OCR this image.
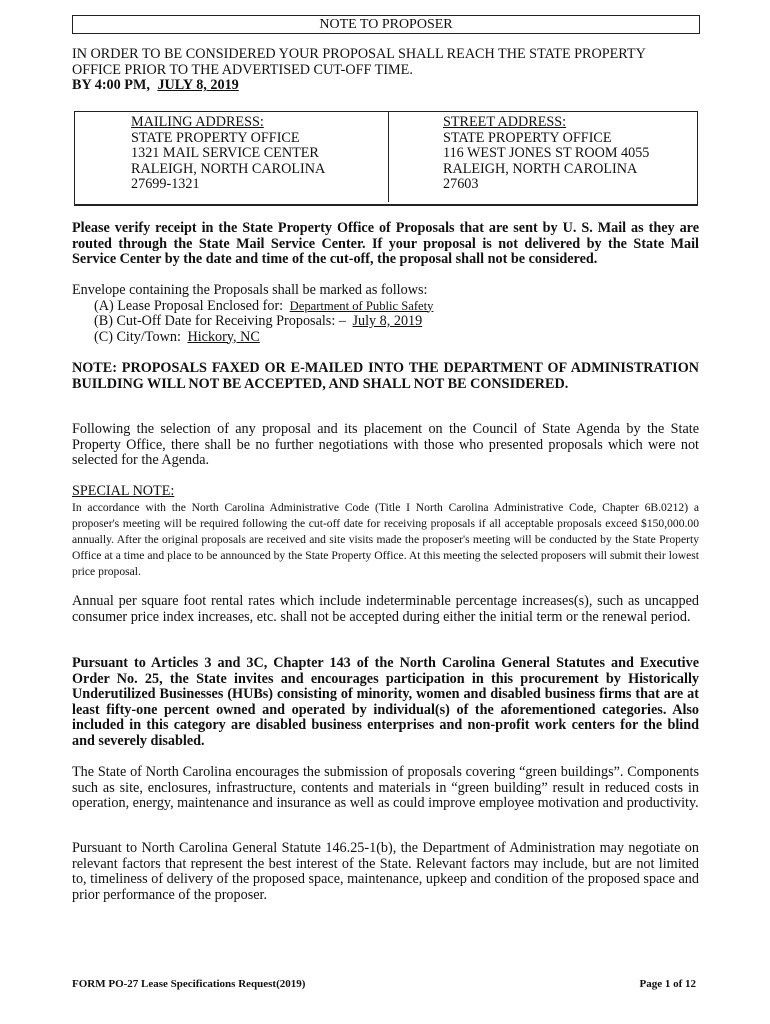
NOTE TO PROPOSER
IN ORDER TO BE CONSIDERED YOUR PROPOSAL SHALL REACH THE STATE PROPERTY
OFFICE PRIOR TO THE ADVERTISED CUT-OFF TIME.
BY 4:00 PM, JULY 8, 2019
MAILING ADDRESS:
STATE PROPERTY OFFICE
1321 MAIL SERVICE CENTER
RALEIGH, NORTH CAROLINA
27699-1321
STREET ADDRESS:
STATE PROPERTY OFFICE
116 WEST JONES ST ROOM 4055
RALEIGH, NORTH CAROLINA
27603
Please verify receipt in the State Property Office of Proposals that are sent by U. S. Mail as they are routed through the State Mail Service Center. If your proposal is not delivered by the State Mail Service Center by the date and time of the cut-off, the proposal shall not be considered.
Envelope containing the Proposals shall be marked as follows:
(A) Lease Proposal Enclosed for: Department of Public Safety
(B) Cut-Off Date for Receiving Proposals: – July 8, 2019
(C) City/Town: Hickory, NC
NOTE: PROPOSALS FAXED OR E-MAILED INTO THE DEPARTMENT OF ADMINISTRATION BUILDING WILL NOT BE ACCEPTED, AND SHALL NOT BE CONSIDERED.
Following the selection of any proposal and its placement on the Council of State Agenda by the State Property Office, there shall be no further negotiations with those who presented proposals which were not selected for the Agenda.
SPECIAL NOTE:
In accordance with the North Carolina Administrative Code (Title I North Carolina Administrative Code, Chapter 6B.0212) a proposer's meeting will be required following the cut-off date for receiving proposals if all acceptable proposals exceed $150,000.00 annually. After the original proposals are received and site visits made the proposer's meeting will be conducted by the State Property Office at a time and place to be announced by the State Property Office. At this meeting the selected proposers will submit their lowest price proposal.
Annual per square foot rental rates which include indeterminable percentage increases(s), such as uncapped consumer price index increases, etc. shall not be accepted during either the initial term or the renewal period.
Pursuant to Articles 3 and 3C, Chapter 143 of the North Carolina General Statutes and Executive Order No. 25, the State invites and encourages participation in this procurement by Historically Underutilized Businesses (HUBs) consisting of minority, women and disabled business firms that are at least fifty-one percent owned and operated by individual(s) of the aforementioned categories. Also included in this category are disabled business enterprises and non-profit work centers for the blind and severely disabled.
The State of North Carolina encourages the submission of proposals covering “green buildings”. Components such as site, enclosures, infrastructure, contents and materials in “green building” result in reduced costs in operation, energy, maintenance and insurance as well as could improve employee motivation and productivity.
Pursuant to North Carolina General Statute 146.25-1(b), the Department of Administration may negotiate on relevant factors that represent the best interest of the State. Relevant factors may include, but are not limited to, timeliness of delivery of the proposed space, maintenance, upkeep and condition of the proposed space and prior performance of the proposer.
FORM PO-27 Lease Specifications Request(2019)	Page 1 of 12
